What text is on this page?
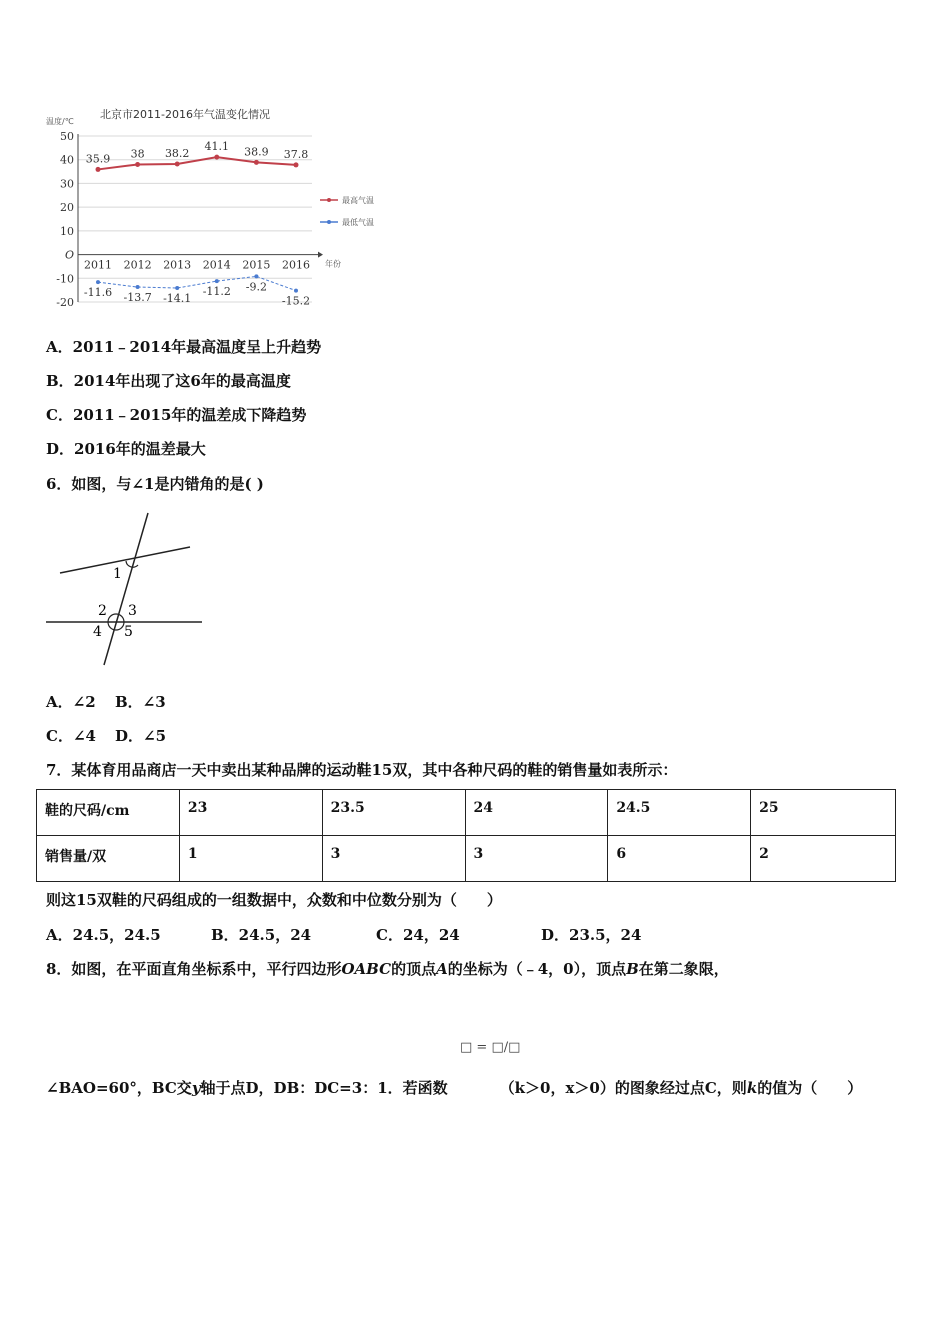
温度/℃
北京市2011-2016年气温变化情况
50
40
30
20
10
O
-10
-20
年份
2011 2012 2013 2014 2015 2016
35.9 38 38.2
41.1 38.9 37.8
最高气温
-11.6 -13.7 -14.1
-11.2 -9.2
-15.2
最低气温
A．2011﹣2014年最高温度呈上升趋势
B．2014年出现了这6年的最高温度
C．2011﹣2015年的温差成下降趋势
D．2016年的温差最大
6．如图，与∠1是内错角的是( )
1
2 3
4 5
A．∠2 B．∠3
C．∠4 D．∠5
7．某体育用品商店一天中卖出某种品牌的运动鞋15双，其中各种尺码的鞋的销售量如表所示：
鞋的尺码/cm	23	23.5	24	24.5	25
销售量/双	1	3	3	6	2
则这15双鞋的尺码组成的一组数据中，众数和中位数分别为（　　）
A．24.5，24.5	B．24.5，24	C．24，24	D．23.5，24
8．如图，在平面直角坐标系中，平行四边形OABC的顶点A的坐标为（﹣4，0），顶点B在第二象限，
□ = □/□
∠BAO=60°，BC交y轴于点D，DB：DC=3：1．若函数	（k＞0，x＞0）的图象经过点C，则k的值为（　　）
